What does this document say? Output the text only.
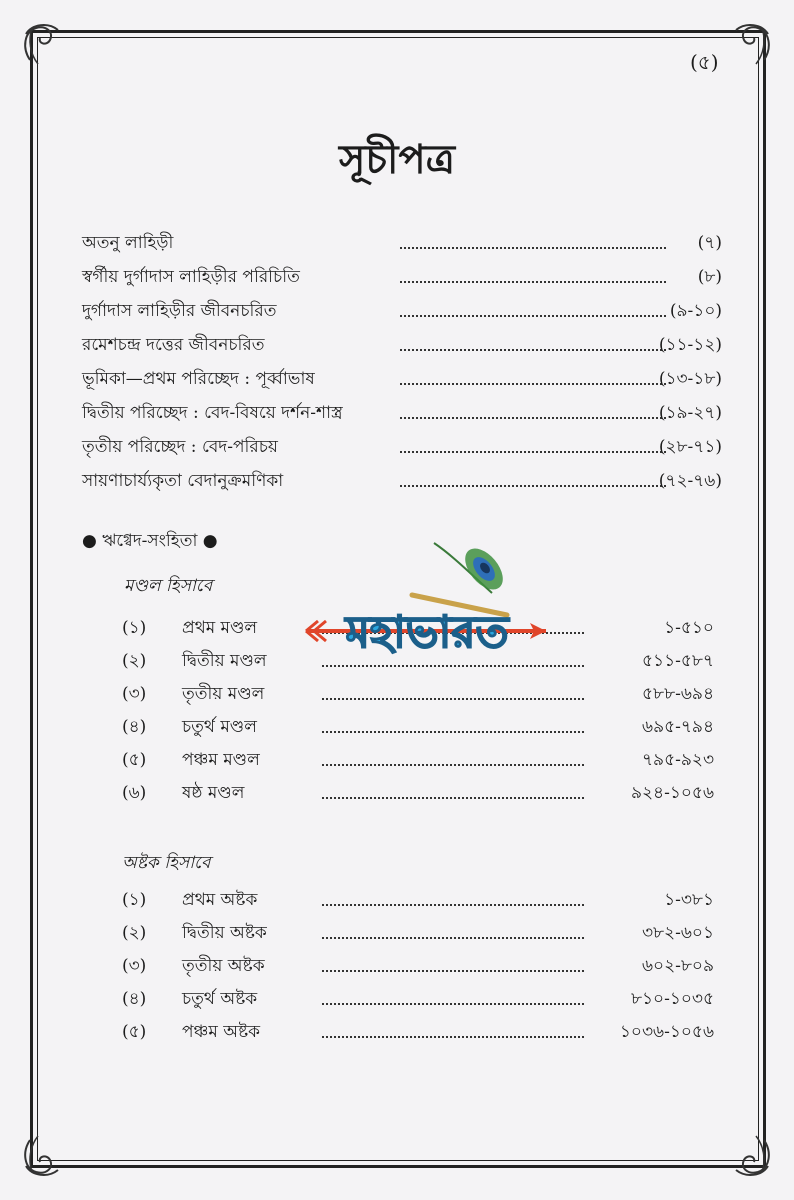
(৫)
সূচীপত্র
অতনু লাহিড়ী	(৭)
স্বর্গীয় দুর্গাদাস লাহিড়ীর পরিচিতি	(৮)
দুর্গাদাস লাহিড়ীর জীবনচরিত	(৯-১০)
রমেশচন্দ্র দত্তের জীবনচরিত	(১১-১২)
ভূমিকা—প্রথম পরিচ্ছেদ : পূর্ব্বাভাষ	(১৩-১৮)
দ্বিতীয় পরিচ্ছেদ : বেদ-বিষয়ে দর্শন-শাস্ত্র	(১৯-২৭)
তৃতীয় পরিচ্ছেদ : বেদ-পরিচয়	(২৮-৭১)
সায়ণাচার্য্যকৃতা বেদানুক্রমণিকা	(৭২-৭৬)
● ঋগ্বেদ-সংহিতা ●
মণ্ডল হিসাবে
(১) প্রথম মণ্ডল	১-৫১০
(২) দ্বিতীয় মণ্ডল	৫১১-৫৮৭
(৩) তৃতীয় মণ্ডল	৫৮৮-৬৯৪
(৪) চতুর্থ মণ্ডল	৬৯৫-৭৯৪
(৫) পঞ্চম মণ্ডল	৭৯৫-৯২৩
(৬) ষষ্ঠ মণ্ডল	৯২৪-১০৫৬
অষ্টক হিসাবে
(১) প্রথম অষ্টক	১-৩৮১
(২) দ্বিতীয় অষ্টক	৩৮২-৬০১
(৩) তৃতীয় অষ্টক	৬০২-৮০৯
(৪) চতুর্থ অষ্টক	৮১০-১০৩৫
(৫) পঞ্চম অষ্টক	১০৩৬-১০৫৬
মহাভারত
